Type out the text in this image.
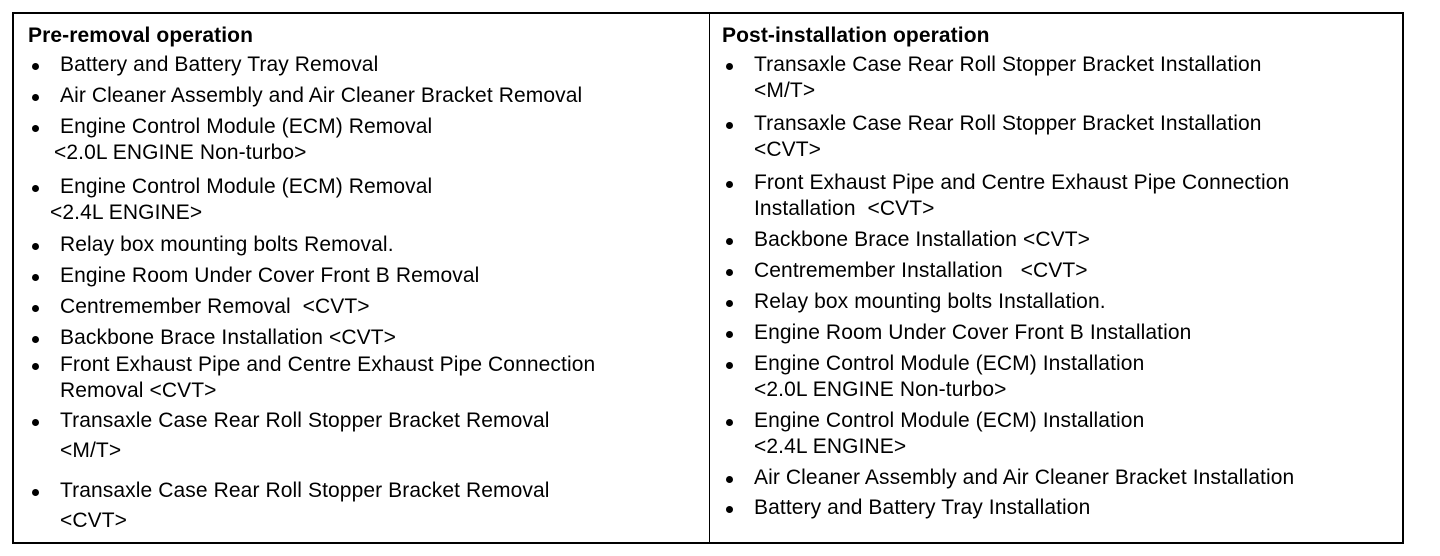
Pre-removal operation
Battery and Battery Tray Removal
Air Cleaner Assembly and Air Cleaner Bracket Removal
Engine Control Module (ECM) Removal
<2.0L ENGINE Non-turbo>
Engine Control Module (ECM) Removal
<2.4L ENGINE>
Relay box mounting bolts Removal.
Engine Room Under Cover Front B Removal
Centremember Removal  <CVT>
Backbone Brace Installation <CVT>
Front Exhaust Pipe and Centre Exhaust Pipe Connection
Removal <CVT>
Transaxle Case Rear Roll Stopper Bracket Removal
<M/T>
Transaxle Case Rear Roll Stopper Bracket Removal
<CVT>
Post-installation operation
Transaxle Case Rear Roll Stopper Bracket Installation
<M/T>
Transaxle Case Rear Roll Stopper Bracket Installation
<CVT>
Front Exhaust Pipe and Centre Exhaust Pipe Connection
Installation  <CVT>
Backbone Brace Installation <CVT>
Centremember Installation   <CVT>
Relay box mounting bolts Installation.
Engine Room Under Cover Front B Installation
Engine Control Module (ECM) Installation
<2.0L ENGINE Non-turbo>
Engine Control Module (ECM) Installation
<2.4L ENGINE>
Air Cleaner Assembly and Air Cleaner Bracket Installation
Battery and Battery Tray Installation
